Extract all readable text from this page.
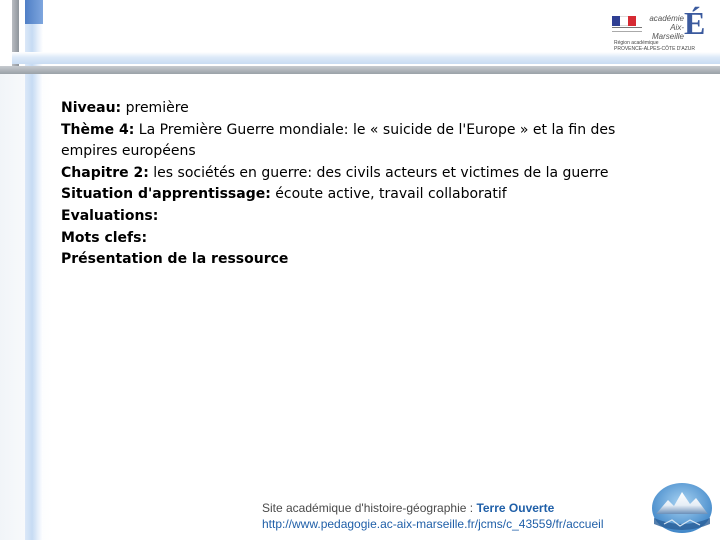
académie
Aix-Marseille É
Région académique
PROVENCE-ALPES-CÔTE D'AZUR

Niveau: première

Thème 4: La Première Guerre mondiale: le « suicide de l'Europe » et la fin des empires européens

Chapitre 2: les sociétés en guerre: des civils acteurs et victimes de la guerre

Situation d'apprentissage: écoute active, travail collaboratif

Evaluations:

Mots clefs:

Présentation de la ressource

Site académique d'histoire-géographie : Terre Ouverte
http://www.pedagogie.ac-aix-marseille.fr/jcms/c_43559/fr/accueil
